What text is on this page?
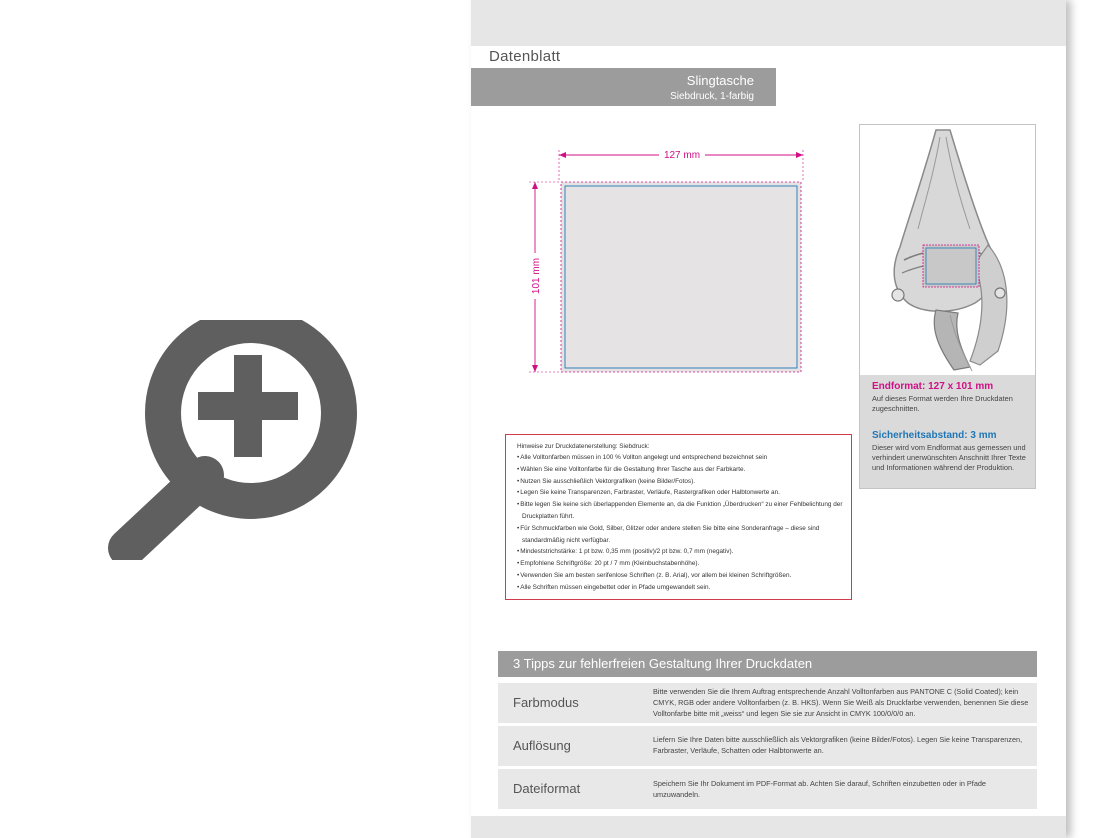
Datenblatt
Slingtasche
Siebdruck, 1-farbig
127 mm
101 mm
Endformat: 127 x 101 mm
Auf dieses Format werden Ihre Druckdaten zugeschnitten.
Sicherheitsabstand: 3 mm
Dieser wird vom Endformat aus gemessen und verhindert unerwünschten Anschnitt Ihrer Texte und Informationen während der Produktion.
Hinweise zur Druckdatenerstellung: Siebdruck:
• Alle Volltonfarben müssen in 100 % Vollton angelegt und entsprechend bezeichnet sein
• Wählen Sie eine Volltonfarbe für die Gestaltung Ihrer Tasche aus der Farbkarte.
• Nutzen Sie ausschließlich Vektorgrafiken (keine Bilder/Fotos).
• Legen Sie keine Transparenzen, Farbraster, Verläufe, Rastergrafiken oder Halbtonwerte an.
• Bitte legen Sie keine sich überlappenden Elemente an, da die Funktion „Überdrucken“ zu einer Fehlbelichtung der Druckplatten führt.
• Für Schmuckfarben wie Gold, Silber, Glitzer oder andere stellen Sie bitte eine Sonderanfrage – diese sind standardmäßig nicht verfügbar.
• Mindeststrichstärke: 1 pt bzw. 0,35 mm (positiv)/2 pt bzw. 0,7 mm (negativ).
• Empfohlene Schriftgröße: 20 pt / 7 mm (Kleinbuchstabenhöhe).
• Verwenden Sie am besten serifenlose Schriften (z. B. Arial), vor allem bei kleinen Schriftgrößen.
• Alle Schriften müssen eingebettet oder in Pfade umgewandelt sein.
3 Tipps zur fehlerfreien Gestaltung Ihrer Druckdaten
Farbmodus
Bitte verwenden Sie die Ihrem Auftrag entsprechende Anzahl Volltonfarben aus PANTONE C (Solid Coated); kein CMYK, RGB oder andere Volltonfarben (z. B. HKS). Wenn Sie Weiß als Druckfarbe verwenden, benennen Sie diese Volltonfarbe bitte mit „weiss“ und legen Sie sie zur Ansicht in CMYK 100/0/0/0 an.
Auflösung	Liefern Sie Ihre Daten bitte ausschließlich als Vektorgrafiken (keine Bilder/Fotos). Legen Sie keine Transparenzen, Farbraster, Verläufe, Schatten oder Halbtonwerte an.
Dateiformat	Speichern Sie Ihr Dokument im PDF-Format ab. Achten Sie darauf, Schriften einzubetten oder in Pfade umzuwandeln.
